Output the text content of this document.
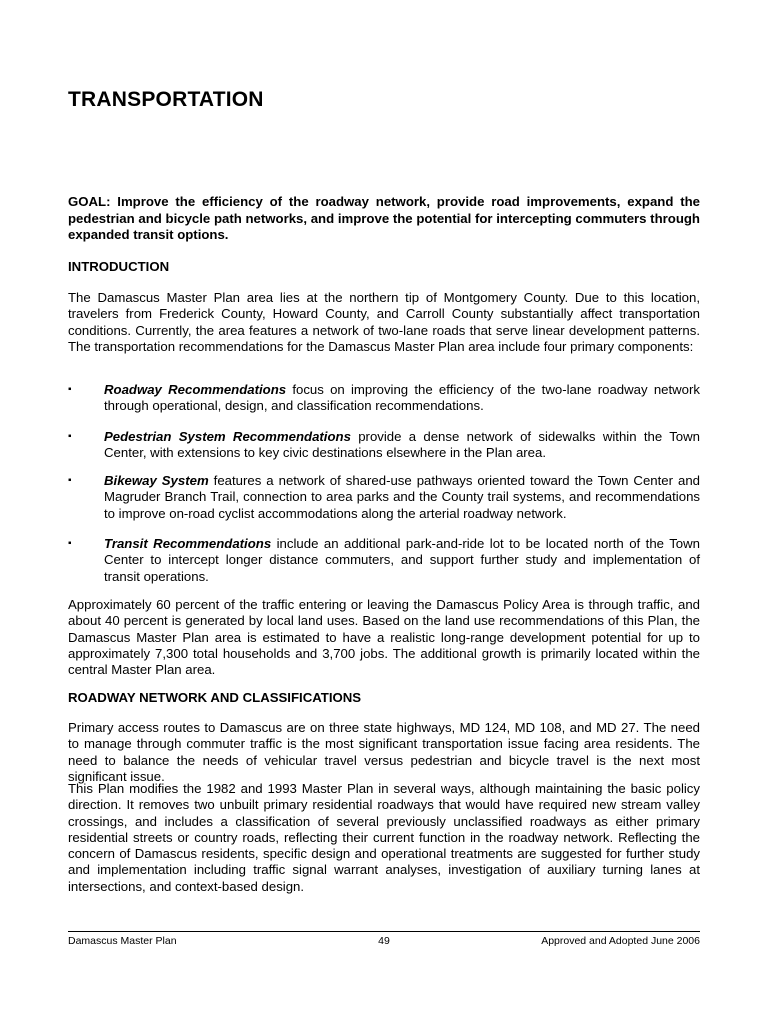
TRANSPORTATION

GOAL: Improve the efficiency of the roadway network, provide road improvements, expand the pedestrian and bicycle path networks, and improve the potential for intercepting commuters through expanded transit options.

INTRODUCTION

The Damascus Master Plan area lies at the northern tip of Montgomery County. Due to this location, travelers from Frederick County, Howard County, and Carroll County substantially affect transportation conditions. Currently, the area features a network of two-lane roads that serve linear development patterns. The transportation recommendations for the Damascus Master Plan area include four primary components:

▪ Roadway Recommendations focus on improving the efficiency of the two-lane roadway network through operational, design, and classification recommendations.

▪ Pedestrian System Recommendations provide a dense network of sidewalks within the Town Center, with extensions to key civic destinations elsewhere in the Plan area.

▪ Bikeway System features a network of shared-use pathways oriented toward the Town Center and Magruder Branch Trail, connection to area parks and the County trail systems, and recommendations to improve on-road cyclist accommodations along the arterial roadway network.

▪ Transit Recommendations include an additional park-and-ride lot to be located north of the Town Center to intercept longer distance commuters, and support further study and implementation of transit operations.

Approximately 60 percent of the traffic entering or leaving the Damascus Policy Area is through traffic, and about 40 percent is generated by local land uses. Based on the land use recommendations of this Plan, the Damascus Master Plan area is estimated to have a realistic long-range development potential for up to approximately 7,300 total households and 3,700 jobs. The additional growth is primarily located within the central Master Plan area.

ROADWAY NETWORK AND CLASSIFICATIONS

Primary access routes to Damascus are on three state highways, MD 124, MD 108, and MD 27. The need to manage through commuter traffic is the most significant transportation issue facing area residents. The need to balance the needs of vehicular travel versus pedestrian and bicycle travel is the next most significant issue.

This Plan modifies the 1982 and 1993 Master Plan in several ways, although maintaining the basic policy direction. It removes two unbuilt primary residential roadways that would have required new stream valley crossings, and includes a classification of several previously unclassified roadways as either primary residential streets or country roads, reflecting their current function in the roadway network. Reflecting the concern of Damascus residents, specific design and operational treatments are suggested for further study and implementation including traffic signal warrant analyses, investigation of auxiliary turning lanes at intersections, and context-based design.

Damascus Master Plan	49	Approved and Adopted June 2006
